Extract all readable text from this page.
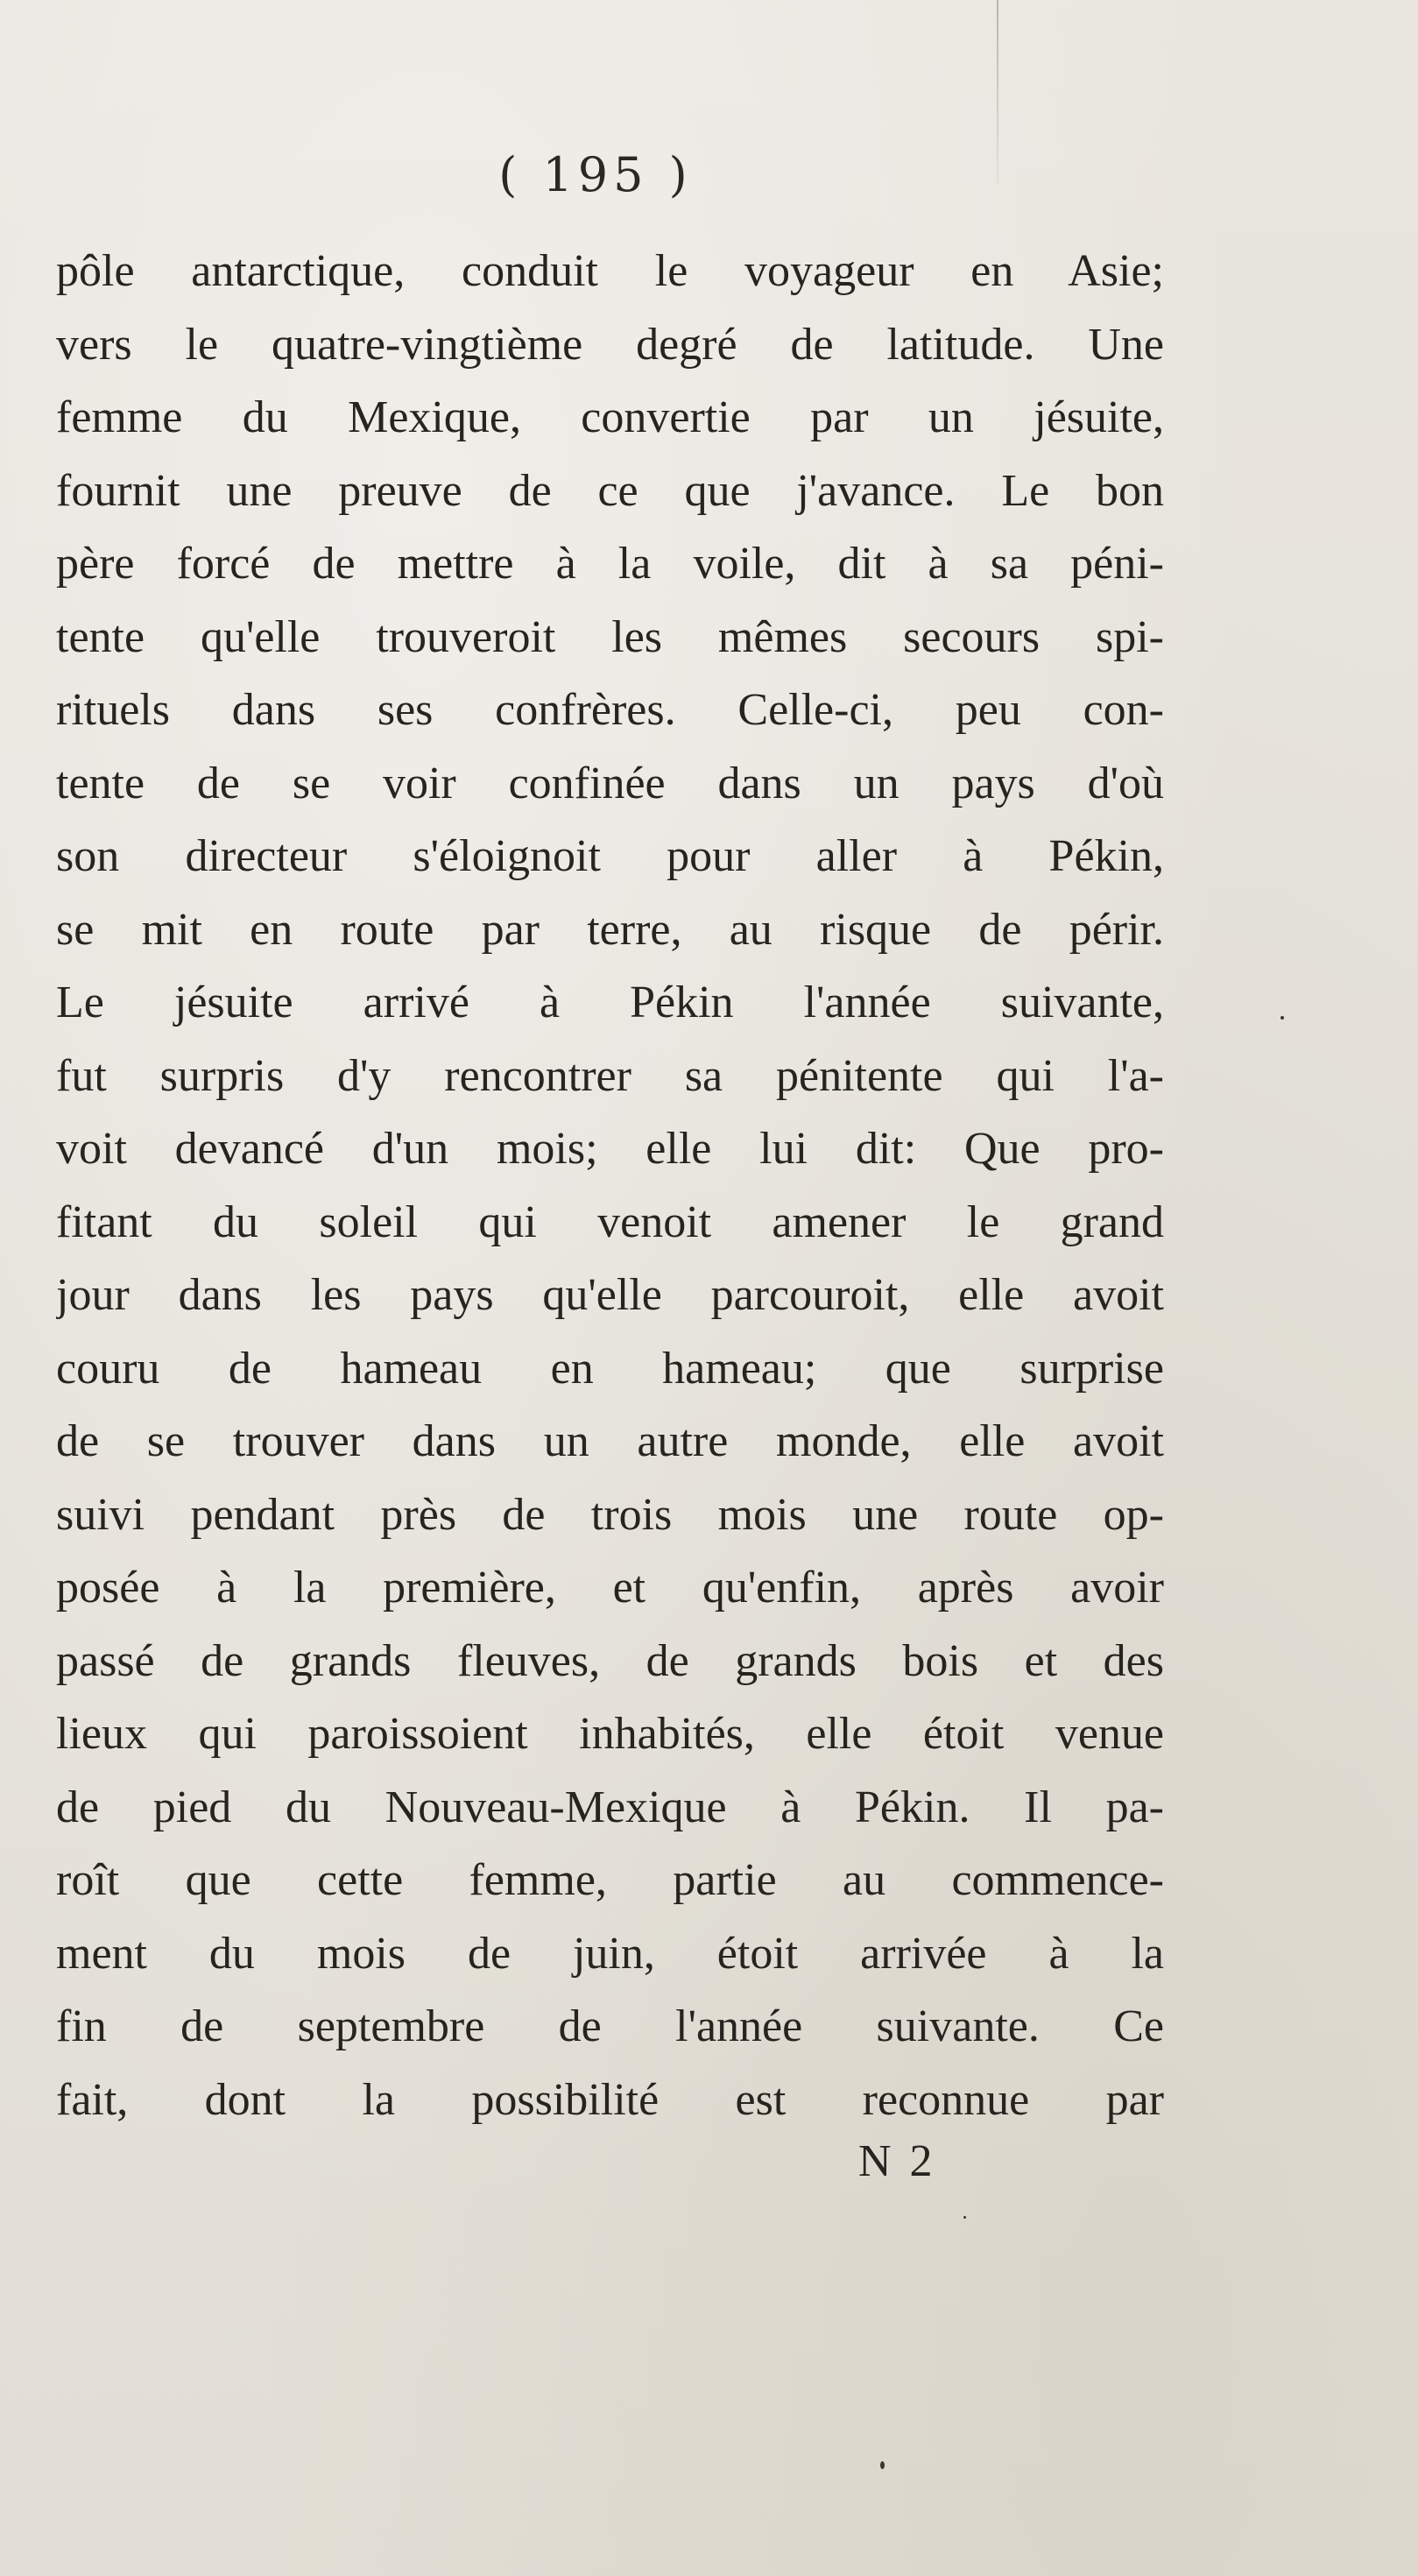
( 195 )
pôle antarctique, conduit le voyageur en Asie;
vers le quatre-vingtième degré de latitude. Une
femme du Mexique, convertie par un jésuite,
fournit une preuve de ce que j'avance. Le bon
père forcé de mettre à la voile, dit à sa péni-
tente qu'elle trouveroit les mêmes secours spi-
rituels dans ses confrères. Celle-ci, peu con-
tente de se voir confinée dans un pays d'où
son directeur s'éloignoit pour aller à Pékin,
se mit en route par terre, au risque de périr.
Le jésuite arrivé à Pékin l'année suivante,
fut surpris d'y rencontrer sa pénitente qui l'a-
voit devancé d'un mois; elle lui dit: Que pro-
fitant du soleil qui venoit amener le grand
jour dans les pays qu'elle parcouroit, elle avoit
couru de hameau en hameau; que surprise
de se trouver dans un autre monde, elle avoit
suivi pendant près de trois mois une route op-
posée à la première, et qu'enfin, après avoir
passé de grands fleuves, de grands bois et des
lieux qui paroissoient inhabités, elle étoit venue
de pied du Nouveau-Mexique à Pékin. Il pa-
roît que cette femme, partie au commence-
ment du mois de juin, étoit arrivée à la
fin de septembre de l'année suivante. Ce
fait, dont la possibilité est reconnue par
N 2
